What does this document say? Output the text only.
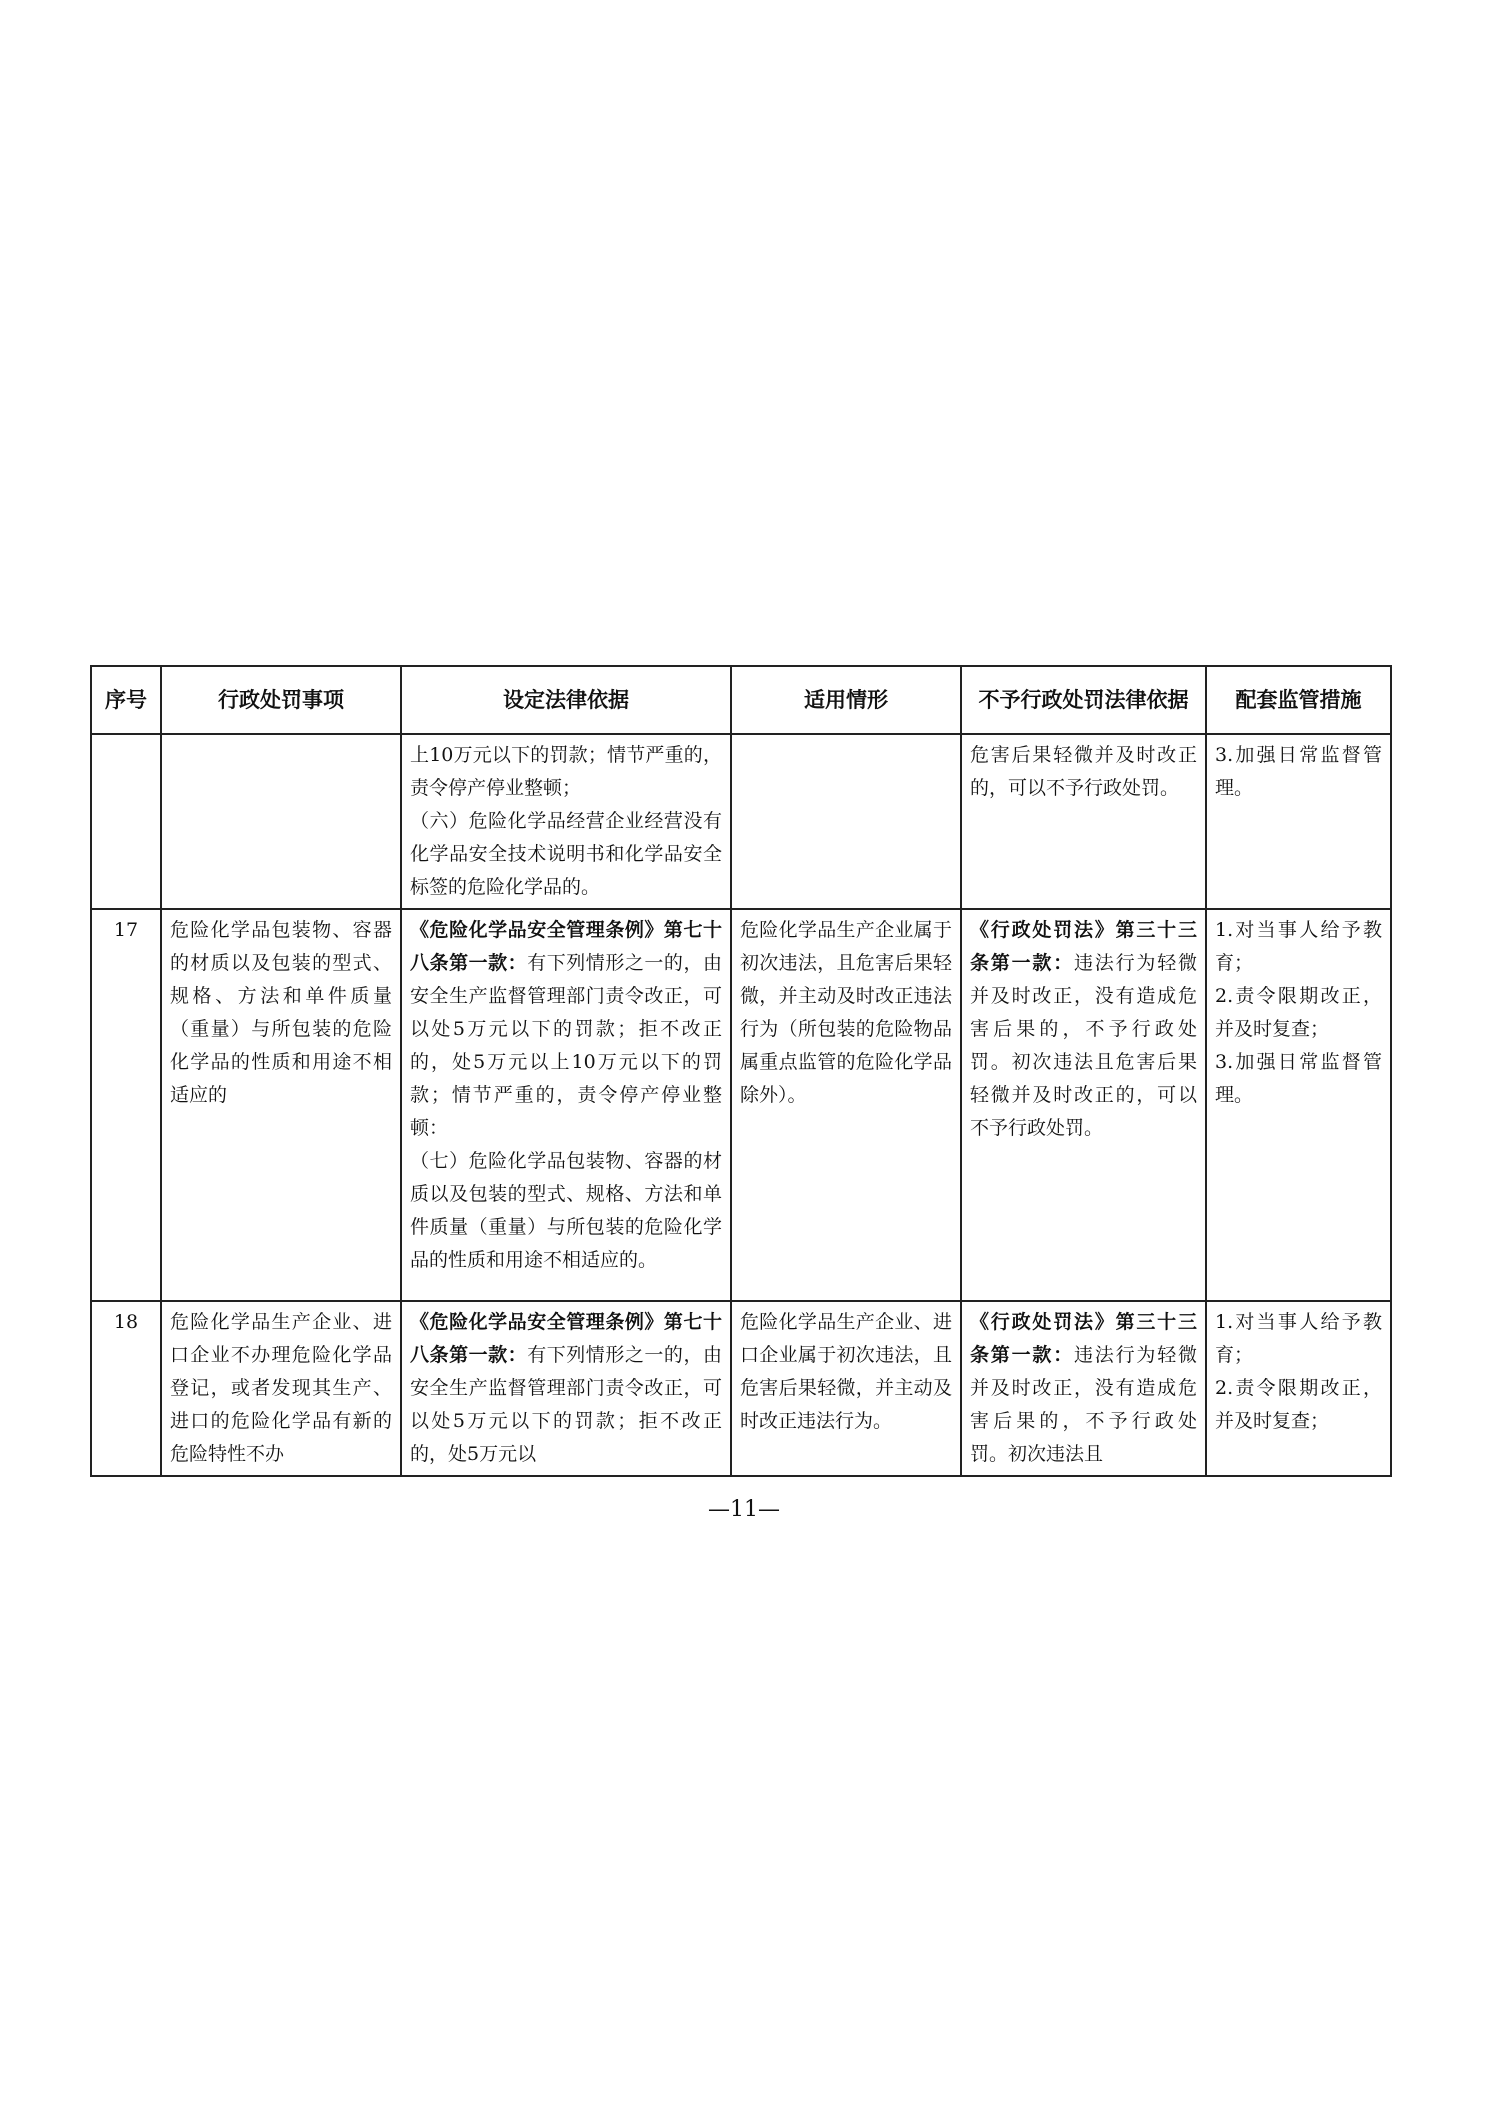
序号	行政处罚事项	设定法律依据	适用情形	不予行政处罚法律依据	配套监管措施

		上10万元以下的罚款；情节严重的，责令停产停业整顿；
（六）危险化学品经营企业经营没有化学品安全技术说明书和化学品安全标签的危险化学品的。		危害后果轻微并及时改正的，可以不予行政处罚。	3.加强日常监督管理。
17	危险化学品包装物、容器的材质以及包装的型式、规格、方法和单件质量（重量）与所包装的危险化学品的性质和用途不相适应的	《危险化学品安全管理条例》第七十八条第一款：有下列情形之一的，由安全生产监督管理部门责令改正，可以处5万元以下的罚款；拒不改正的，处5万元以上10万元以下的罚款；情节严重的，责令停产停业整顿：
（七）危险化学品包装物、容器的材质以及包装的型式、规格、方法和单件质量（重量）与所包装的危险化学品的性质和用途不相适应的。	危险化学品生产企业属于初次违法，且危害后果轻微，并主动及时改正违法行为（所包装的危险物品属重点监管的危险化学品除外）。	《行政处罚法》第三十三条第一款：违法行为轻微并及时改正，没有造成危害后果的，不予行政处罚。初次违法且危害后果轻微并及时改正的，可以不予行政处罚。	1.对当事人给予教育；
2.责令限期改正，并及时复查；
3.加强日常监督管理。

18	危险化学品生产企业、进口企业不办理危险化学品登记，或者发现其生产、进口的危险化学品有新的危险特性不办	《危险化学品安全管理条例》第七十八条第一款：有下列情形之一的，由安全生产监督管理部门责令改正，可以处5万元以下的罚款；拒不改正的，处5万元以	危险化学品生产企业、进口企业属于初次违法，且危害后果轻微，并主动及时改正违法行为。	《行政处罚法》第三十三条第一款：违法行为轻微并及时改正，没有造成危害后果的，不予行政处罚。初次违法且	1.对当事人给予教育；
2.责令限期改正，并及时复查；
—11—
